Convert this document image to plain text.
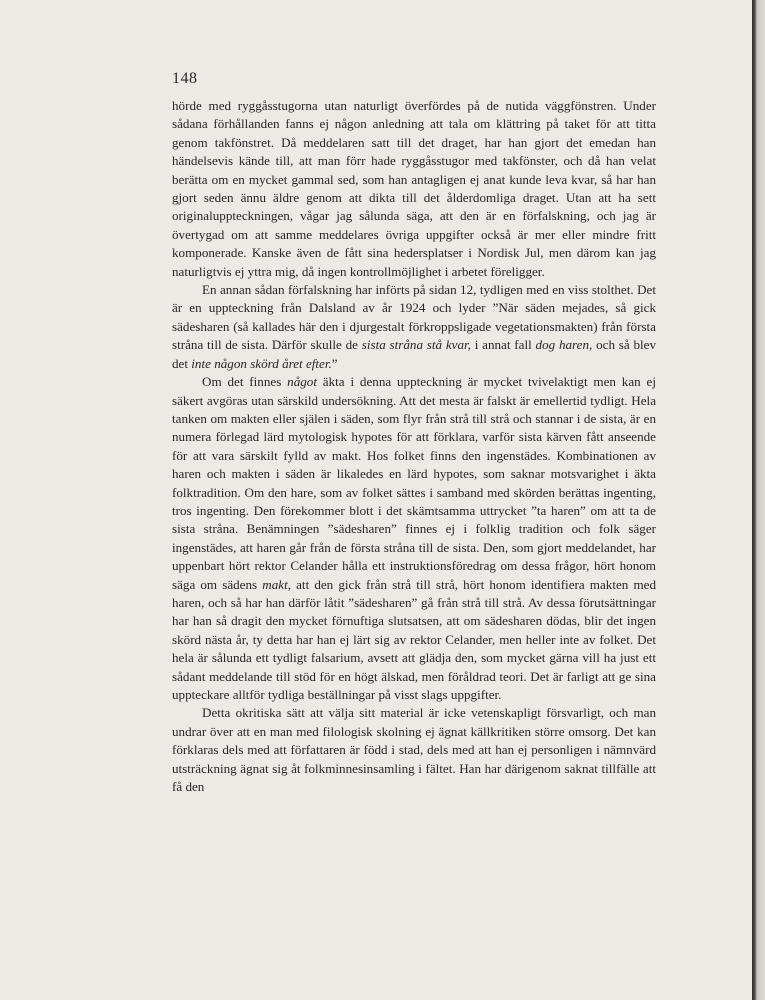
148

hörde med ryggåsstugorna utan naturligt överfördes på de nutida väggfönstren. Under sådana förhållanden fanns ej någon anledning att tala om klättring på taket för att titta genom takfönstret. Då meddelaren satt till det draget, har han gjort det emedan han händelsevis kände till, att man förr hade ryggåsstugor med takfönster, och då han velat berätta om en mycket gammal sed, som han antagligen ej anat kunde leva kvar, så har han gjort seden ännu äldre genom att dikta till det ålderdomliga draget. Utan att ha sett originaluppteckningen, vågar jag sålunda säga, att den är en förfalskning, och jag är övertygad om att samme meddelares övriga uppgifter också är mer eller mindre fritt komponerade. Kanske även de fått sina hedersplatser i Nordisk Jul, men därom kan jag naturligtvis ej yttra mig, då ingen kontrollmöjlighet i arbetet föreligger.

En annan sådan förfalskning har införts på sidan 12, tydligen med en viss stolthet. Det är en uppteckning från Dalsland av år 1924 och lyder ”När säden mejades, så gick sädesharen (så kallades här den i djurgestalt förkroppsligade vegetationsmakten) från första stråna till de sista. Därför skulle de sista stråna stå kvar, i annat fall dog haren, och så blev det inte någon skörd året efter.”

Om det finnes något äkta i denna uppteckning är mycket tvivelaktigt men kan ej säkert avgöras utan särskild undersökning. Att det mesta är falskt är emellertid tydligt. Hela tanken om makten eller själen i säden, som flyr från strå till strå och stannar i de sista, är en numera förlegad lärd mytologisk hypotes för att förklara, varför sista kärven fått anseende för att vara särskilt fylld av makt. Hos folket finns den ingenstädes. Kombinationen av haren och makten i säden är likaledes en lärd hypotes, som saknar motsvarighet i äkta folktradition. Om den hare, som av folket sättes i samband med skörden berättas ingenting, tros ingenting. Den förekommer blott i det skämtsamma uttrycket ”ta haren” om att ta de sista stråna. Benämningen ”sädesharen” finnes ej i folklig tradition och folk säger ingenstädes, att haren går från de första stråna till de sista. Den, som gjort meddelandet, har uppenbart hört rektor Celander hålla ett instruktionsföredrag om dessa frågor, hört honom säga om sädens makt, att den gick från strå till strå, hört honom identifiera makten med haren, och så har han därför låtit ”sädesharen” gå från strå till strå. Av dessa förutsättningar har han så dragit den mycket förnuftiga slutsatsen, att om sädesharen dödas, blir det ingen skörd nästa år, ty detta har han ej lärt sig av rektor Celander, men heller inte av folket. Det hela är sålunda ett tydligt falsarium, avsett att glädja den, som mycket gärna vill ha just ett sådant meddelande till stöd för en högt älskad, men föråldrad teori. Det är farligt att ge sina uppteckare alltför tydliga beställningar på visst slags uppgifter.

Detta okritiska sätt att välja sitt material är icke vetenskapligt försvarligt, och man undrar över att en man med filologisk skolning ej ägnat källkritiken större omsorg. Det kan förklaras dels med att författaren är född i stad, dels med att han ej personligen i nämnvärd utsträckning ägnat sig åt folkminnesinsamling i fältet. Han har därigenom saknat tillfälle att få den
